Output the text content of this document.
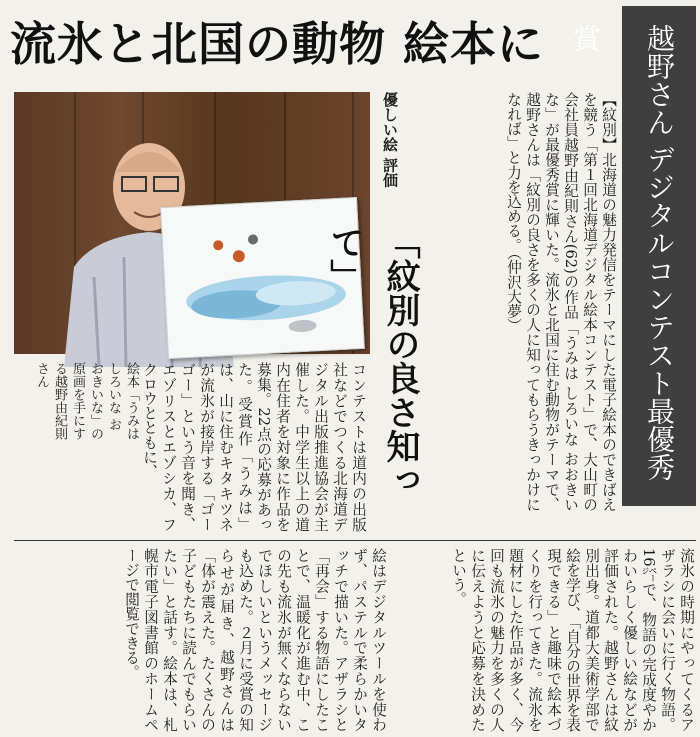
流氷と北国の動物 絵本に	越野さん デジタルコンテスト最優秀賞
絵本「うみは しろいな おおきいな」の原画を手にする越野由紀則さん
優しい絵 評価
「紋別の良さ知って」	【紋別】北海道の魅力発信をテーマにした電子絵本のできばえを競う「第１回北海道デジタル絵本コンテスト」で、大山町の会社員越野由紀則さん(62)の作品「うみは しろいな おおきいな」が最優秀賞に輝いた。流氷と北国に住む動物がテーマで、越野さんは「紋別の良さを多くの人に知ってもらうきっかけになれば」と力を込める。（仲沢大夢）
コンテストは道内の出版社などでつくる北海道デジタル出版推進協会が主催した。中学生以上の道内在住者を対象に作品を募集。22点の応募があった。受賞作「うみは」は、山に住むキタキツネが流氷が接岸する「ゴーゴー」という音を聞き、エゾリスとエゾシカ、フクロウとともに、
流氷の時期にやってくるアザラシに会いに行く物語。16㌻で、物語の完成度やかわいらしく優しい絵などが評価された。越野さんは紋別出身。道都大美術学部で絵を学び、「自分の世界を表現できる」と趣味で絵本づくりを行ってきた。流氷を題材にした作品が多く、今回も流氷の魅力を多くの人に伝えようと応募を決めたという。
絵はデジタルツールを使わず、パステルで柔らかいタッチで描いた。アザラシと「再会」する物語にしたことで、温暖化が進む中、この先も流氷が無くならないでほしいというメッセージも込めた。２月に受賞の知らせが届き、越野さんは「体が震えた。たくさんの子どもたちに読んでもらいたい」と話す。絵本は、札幌市電子図書館のホームページで閲覧できる。
